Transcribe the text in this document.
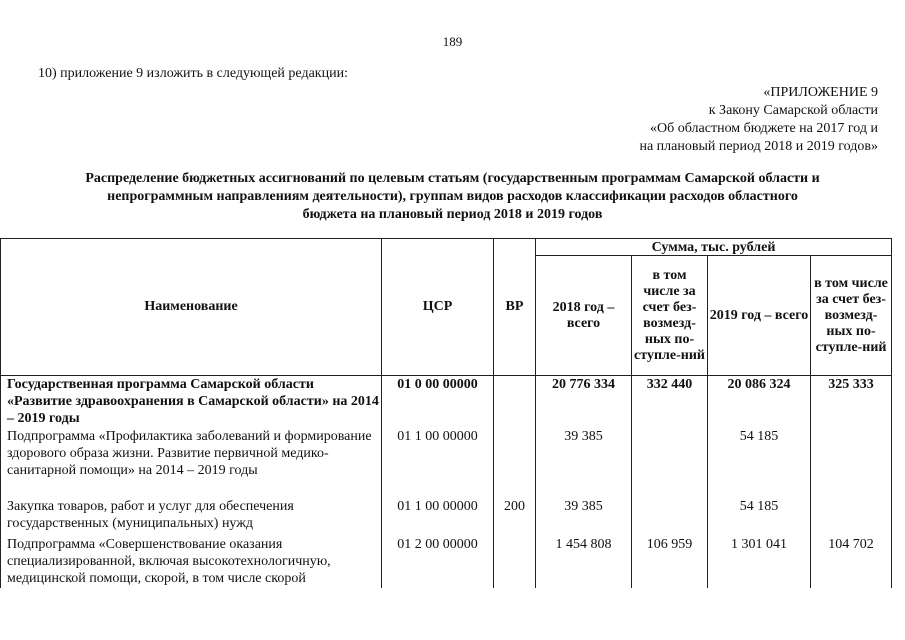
189
10) приложение 9 изложить в следующей редакции:
«ПРИЛОЖЕНИЕ 9
к Закону Самарской области
«Об областном бюджете на 2017 год и
на плановый период 2018 и 2019 годов»
Распределение бюджетных ассигнований по целевым статьям (государственным программам Самарской области и
непрограммным направлениям деятельности), группам видов расходов классификации расходов областного
бюджета на плановый период 2018 и 2019 годов
Наименование	ЦСР	ВР	Сумма, тыс. рублей			
			2018 год – всего	в том числе за счет без-возмезд-ных по-ступле-ний	2019 год – всего	в том числе за счет без-возмезд-ных по-ступле-ний
Государственная программа Самарской области «Развитие здравоохранения в Самарской области» на 2014 – 2019 годы	01 0 00 00000		20 776 334	332 440	20 086 324	325 333
Подпрограмма «Профилактика заболеваний и формирование здорового образа жизни. Развитие первичной медико-санитарной помощи» на 2014 – 2019 годы	01 1 00 00000		39 385		54 185	
Закупка товаров, работ и услуг для обеспечения государственных (муниципальных) нужд	01 1 00 00000	200	39 385		54 185	
Подпрограмма «Совершенствование оказания специализированной, включая высокотехнологичную, медицинской помощи, скорой, в том числе скорой	01 2 00 00000		1 454 808	106 959	1 301 041	104 702
